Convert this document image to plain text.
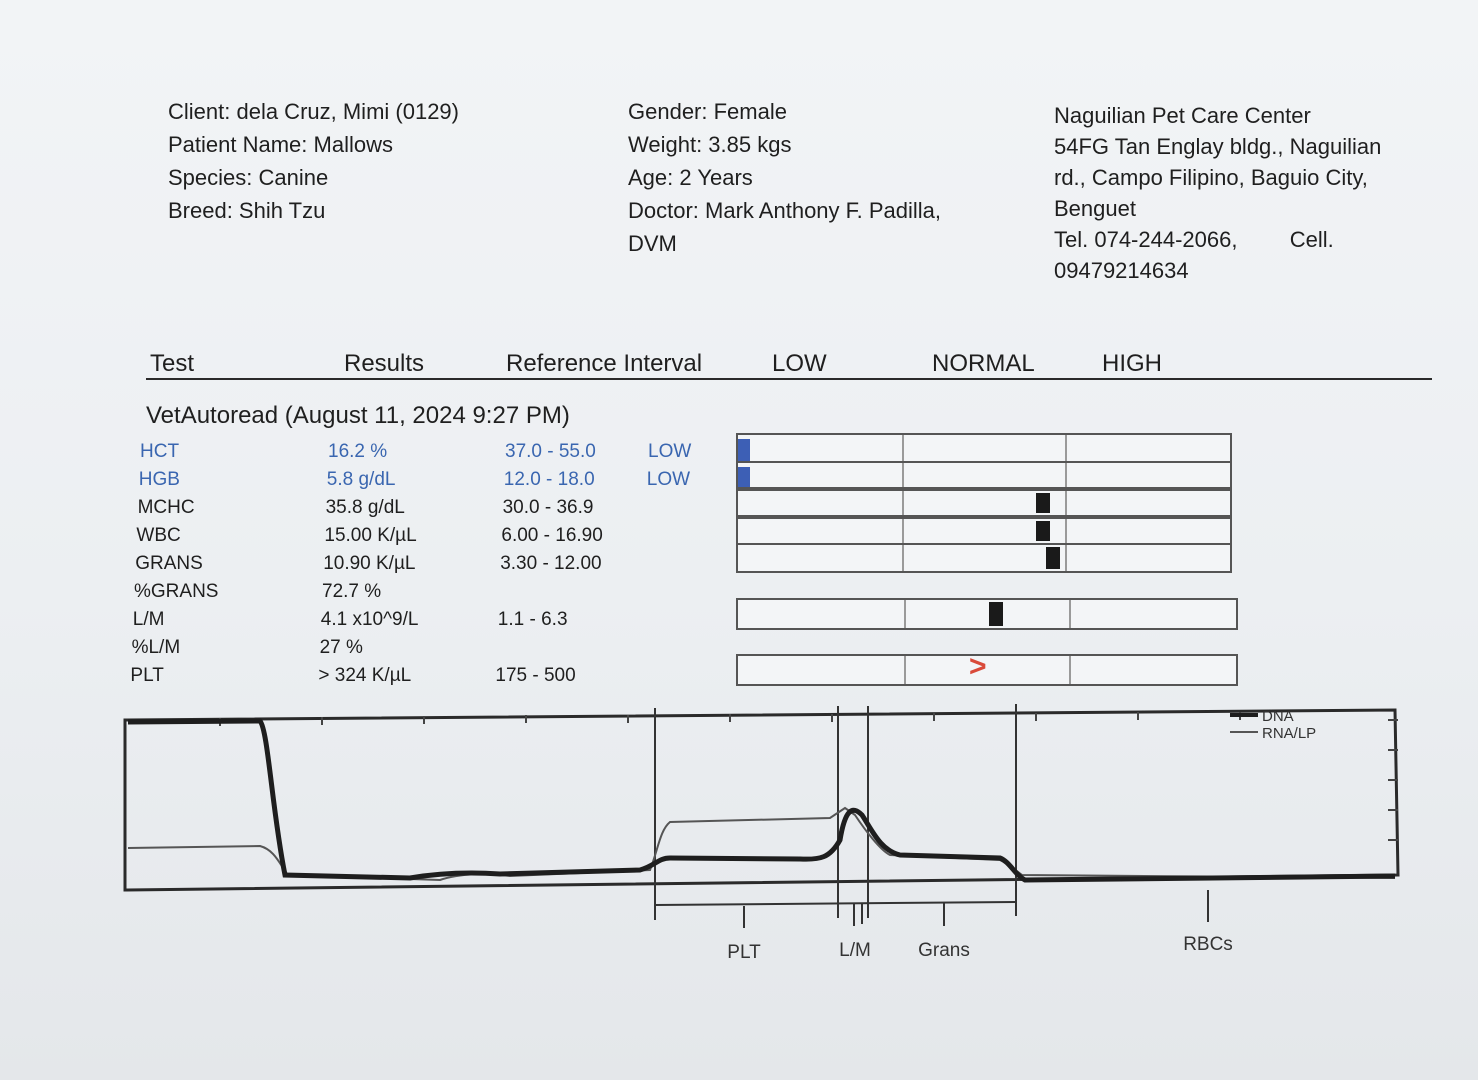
Client: dela Cruz, Mimi (0129)
Patient Name: Mallows
Species: Canine
Breed: Shih Tzu
Gender: Female
Weight: 3.85 kgs
Age: 2 Years
Doctor: Mark Anthony F. Padilla,
DVM
Naguilian Pet Care Center
54FG Tan Englay bldg., Naguilian
rd., Campo Filipino, Baguio City,
Benguet
Tel. 074-244-2066, Cell.
09479214634
Test	Results	Reference Interval	LOW	NORMAL	HIGH
VetAutoread (August 11, 2024 9:27 PM)
HCT	16.2 %	37.0 - 55.0	LOW
HGB	5.8 g/dL	12.0 - 18.0	LOW
MCHC	35.8 g/dL	30.0 - 36.9
WBC	15.00 K/µL	6.00 - 16.90
GRANS	10.90 K/µL	3.30 - 12.00
%GRANS	72.7 %
L/M	4.1 x10^9/L	1.1 - 6.3
%L/M	27 %
PLT	> 324 K/µL	175 - 500	>
DNA
RNA/LP
PLT	L/M Grans	RBCs
